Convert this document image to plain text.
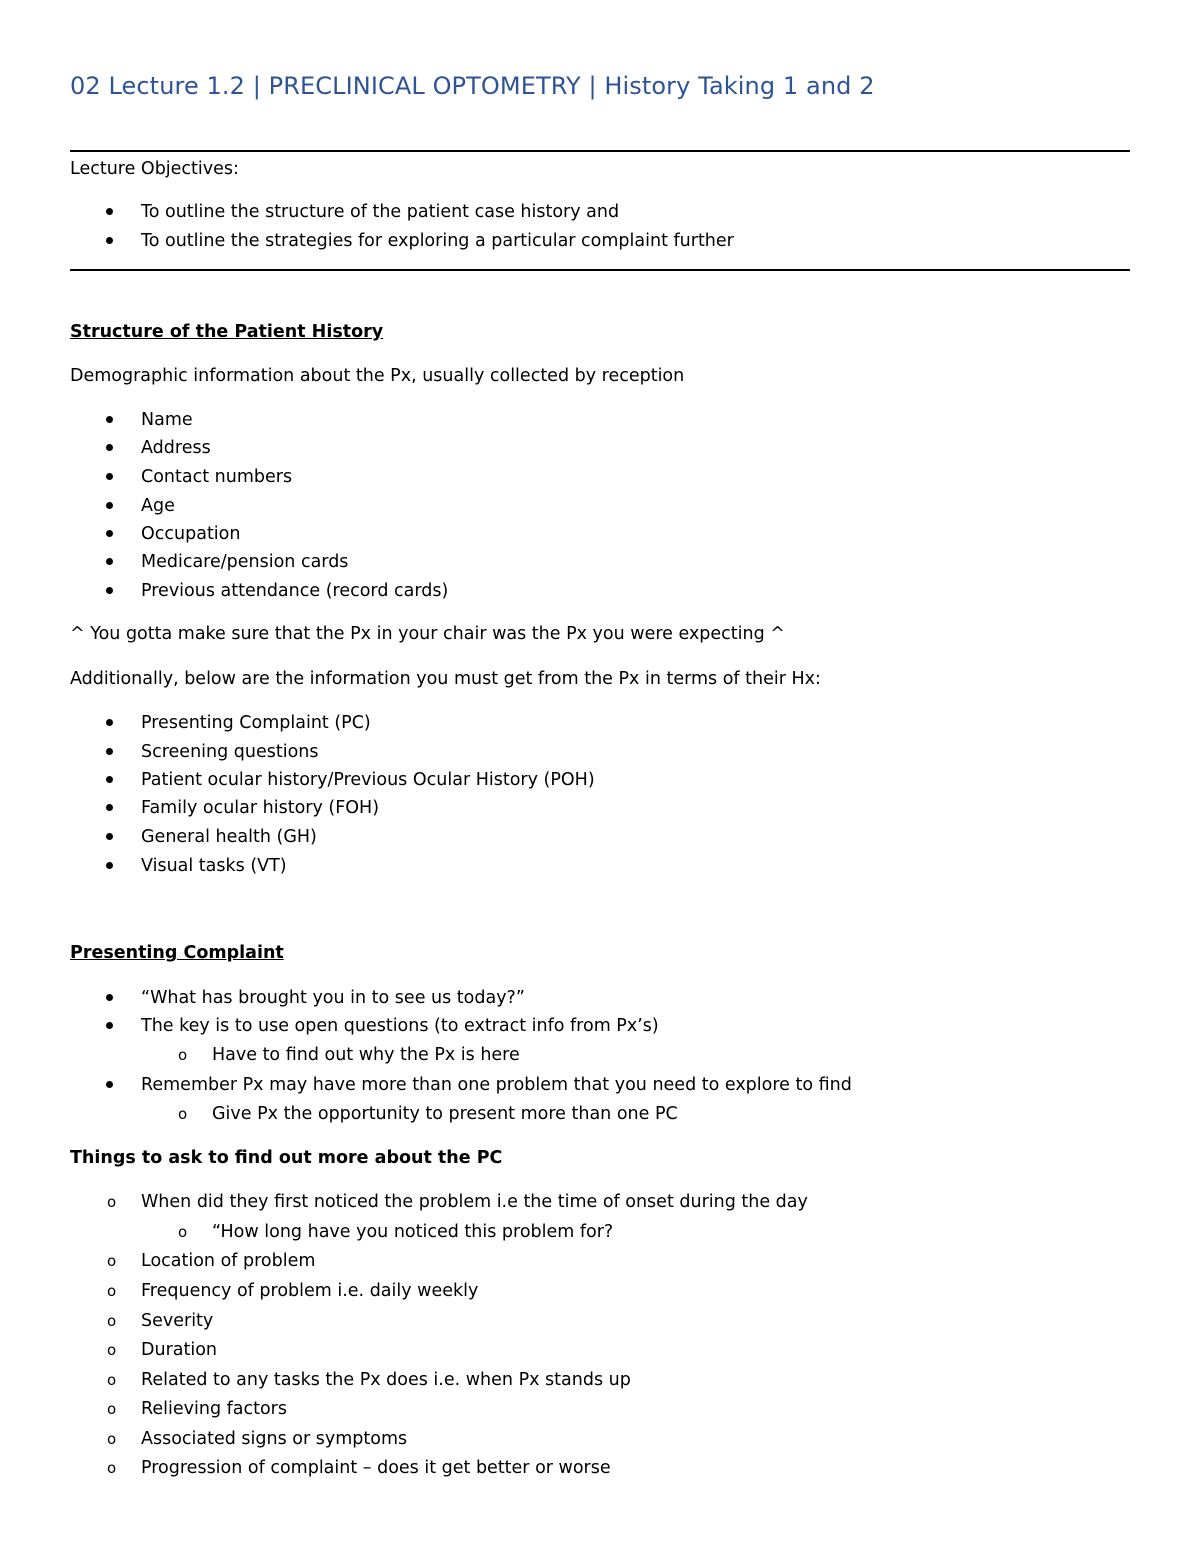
02 Lecture 1.2 | PRECLINICAL OPTOMETRY | History Taking 1 and 2
Lecture Objectives:
To outline the structure of the patient case history and
To outline the strategies for exploring a particular complaint further
Structure of the Patient History
Demographic information about the Px, usually collected by reception
Name
Address
Contact numbers
Age
Occupation
Medicare/pension cards
Previous attendance (record cards)
^ You gotta make sure that the Px in your chair was the Px you were expecting ^
Additionally, below are the information you must get from the Px in terms of their Hx:
Presenting Complaint (PC)
Screening questions
Patient ocular history/Previous Ocular History (POH)
Family ocular history (FOH)
General health (GH)
Visual tasks (VT)
Presenting Complaint
“What has brought you in to see us today?”
The key is to use open questions (to extract info from Px’s)
o Have to find out why the Px is here
Remember Px may have more than one problem that you need to explore to find
o Give Px the opportunity to present more than one PC
Things to ask to find out more about the PC
o When did they first noticed the problem i.e the time of onset during the day
o “How long have you noticed this problem for?
o Location of problem
o Frequency of problem i.e. daily weekly
o Severity
o Duration
o Related to any tasks the Px does i.e. when Px stands up
o Relieving factors
o Associated signs or symptoms
o Progression of complaint – does it get better or worse
